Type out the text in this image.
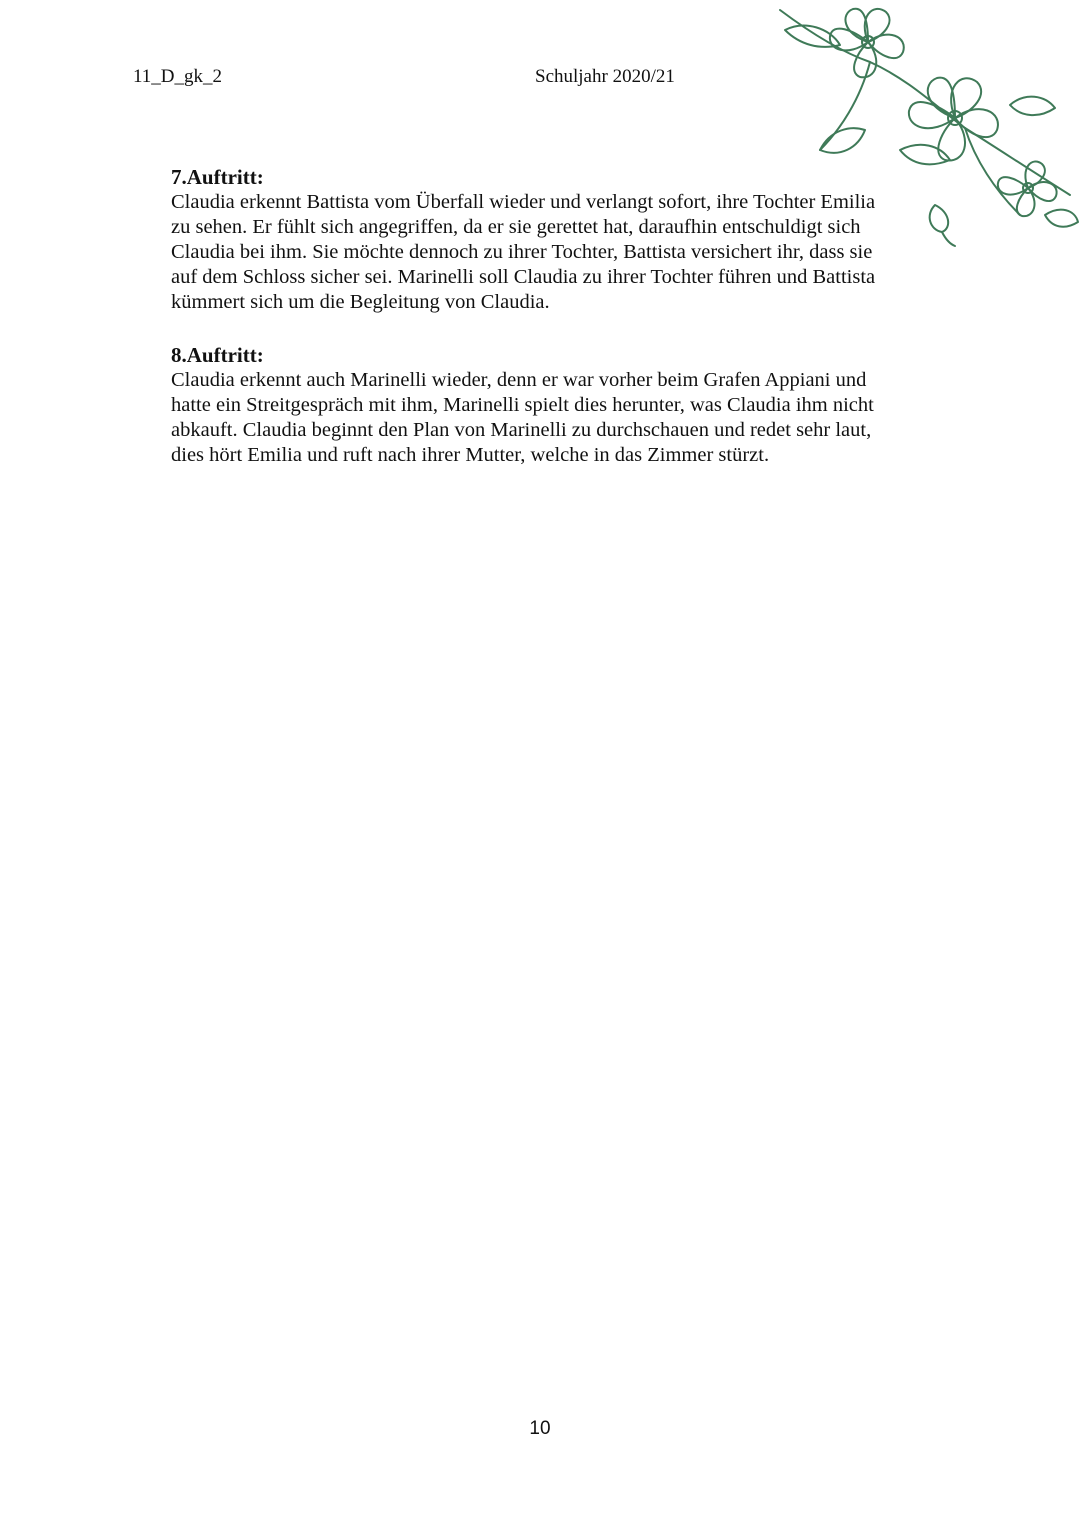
11_D_gk_2	Schuljahr 2020/21
7.Auftritt:
Claudia erkennt Battista vom Überfall wieder und verlangt sofort, ihre Tochter Emilia
zu sehen. Er fühlt sich angegriffen, da er sie gerettet hat, daraufhin entschuldigt sich
Claudia bei ihm. Sie möchte dennoch zu ihrer Tochter, Battista versichert ihr, dass sie
auf dem Schloss sicher sei. Marinelli soll Claudia zu ihrer Tochter führen und Battista
kümmert sich um die Begleitung von Claudia.
8.Auftritt:
Claudia erkennt auch Marinelli wieder, denn er war vorher beim Grafen Appiani und
hatte ein Streitgespräch mit ihm, Marinelli spielt dies herunter, was Claudia ihm nicht
abkauft. Claudia beginnt den Plan von Marinelli zu durchschauen und redet sehr laut,
dies hört Emilia und ruft nach ihrer Mutter, welche in das Zimmer stürzt.
10
